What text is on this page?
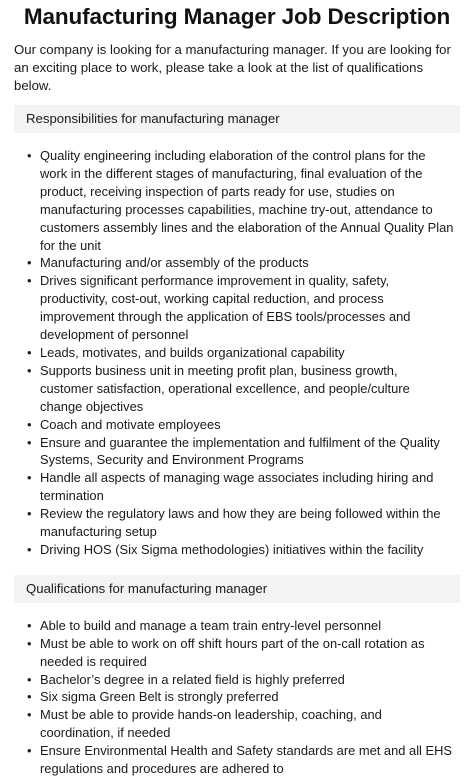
Manufacturing Manager Job Description

Our company is looking for a manufacturing manager. If you are looking for an exciting place to work, please take a look at the list of qualifications below.

Responsibilities for manufacturing manager
• Quality engineering including elaboration of the control plans for the work in the different stages of manufacturing, final evaluation of the product, receiving inspection of parts ready for use, studies on manufacturing processes capabilities, machine try-out, attendance to customers assembly lines and the elaboration of the Annual Quality Plan for the unit
• Manufacturing and/or assembly of the products
• Drives significant performance improvement in quality, safety, productivity, cost-out, working capital reduction, and process improvement through the application of EBS tools/processes and development of personnel
• Leads, motivates, and builds organizational capability
• Supports business unit in meeting profit plan, business growth, customer satisfaction, operational excellence, and people/culture change objectives
• Coach and motivate employees
• Ensure and guarantee the implementation and fulfilment of the Quality Systems, Security and Environment Programs
• Handle all aspects of managing wage associates including hiring and termination
• Review the regulatory laws and how they are being followed within the manufacturing setup
• Driving HOS (Six Sigma methodologies) initiatives within the facility
Qualifications for manufacturing manager
• Able to build and manage a team train entry-level personnel
• Must be able to work on off shift hours part of the on-call rotation as needed is required
• Bachelor’s degree in a related field is highly preferred
• Six sigma Green Belt is strongly preferred
• Must be able to provide hands-on leadership, coaching, and coordination, if needed
• Ensure Environmental Health and Safety standards are met and all EHS regulations and procedures are adhered to
